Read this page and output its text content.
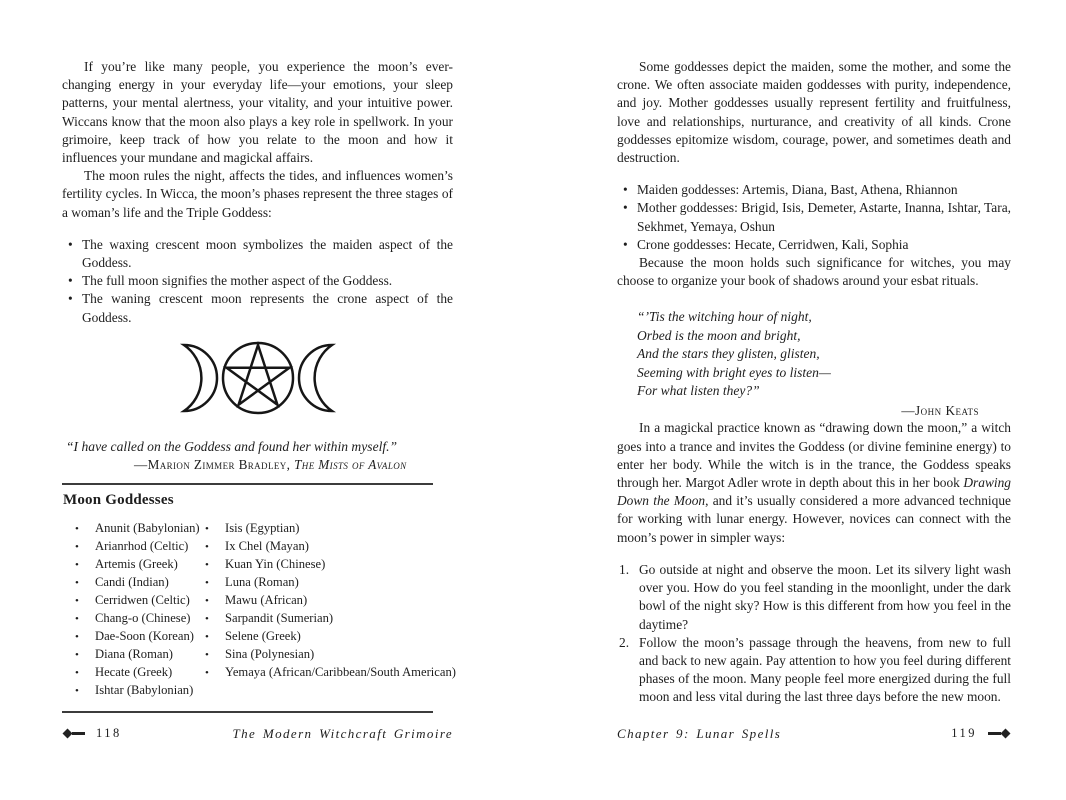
If you’re like many people, you experience the moon’s ever-changing energy in your everyday life—your emotions, your sleep patterns, your mental alertness, your vitality, and your intuitive power. Wiccans know that the moon also plays a key role in spellwork. In your grimoire, keep track of how you relate to the moon and how it influences your mundane and magickal affairs.

The moon rules the night, affects the tides, and influences women’s fertility cycles. In Wicca, the moon’s phases represent the three stages of a woman’s life and the Triple Goddess:

• The waxing crescent moon symbolizes the maiden aspect of the Goddess.
• The full moon signifies the mother aspect of the Goddess.
• The waning crescent moon represents the crone aspect of the Goddess.
“I have called on the Goddess and found her within myself.”
—Marion Zimmer Bradley, The Mists of Avalon
Moon Goddesses
• Anunit (Babylonian)
• Arianrhod (Celtic)
• Artemis (Greek)
• Candi (Indian)
• Cerridwen (Celtic)
• Chang-o (Chinese)
• Dae-Soon (Korean)
• Diana (Roman)
• Hecate (Greek)
• Ishtar (Babylonian)
• Isis (Egyptian)
• Ix Chel (Mayan)
• Kuan Yin (Chinese)
• Luna (Roman)
• Mawu (African)
• Sarpandit (Sumerian)
• Selene (Greek)
• Sina (Polynesian)
• Yemaya (African/Caribbean/South American)
118	The Modern Witchcraft Grimoire

Some goddesses depict the maiden, some the mother, and some the crone. We often associate maiden goddesses with purity, independence, and joy. Mother goddesses usually represent fertility and fruitfulness, love and relationships, nurturance, and creativity of all kinds. Crone goddesses epitomize wisdom, courage, power, and sometimes death and destruction.

• Maiden goddesses: Artemis, Diana, Bast, Athena, Rhiannon
• Mother goddesses: Brigid, Isis, Demeter, Astarte, Inanna, Ishtar, Tara, Sekhmet, Yemaya, Oshun
• Crone goddesses: Hecate, Cerridwen, Kali, Sophia

Because the moon holds such significance for witches, you may choose to organize your book of shadows around your esbat rituals.

“’Tis the witching hour of night,
Orbed is the moon and bright,
And the stars they glisten, glisten,
Seeming with bright eyes to listen—
For what listen they?”
—John Keats

In a magickal practice known as “drawing down the moon,” a witch goes into a trance and invites the Goddess (or divine feminine energy) to enter her body. While the witch is in the trance, the Goddess speaks through her. Margot Adler wrote in depth about this in her book Drawing Down the Moon, and it’s usually considered a more advanced technique for working with lunar energy. However, novices can connect with the moon’s power in simpler ways:

Go outside at night and observe the moon. Let its silvery light wash over you. How do you feel standing in the moonlight, under the dark bowl of the night sky? How is this different from how you feel in the daytime?
Follow the moon’s passage through the heavens, from new to full and back to new again. Pay attention to how you feel during different phases of the moon. Many people feel more energized during the full moon and less vital during the last three days before the new moon.
Chapter 9: Lunar Spells	119
